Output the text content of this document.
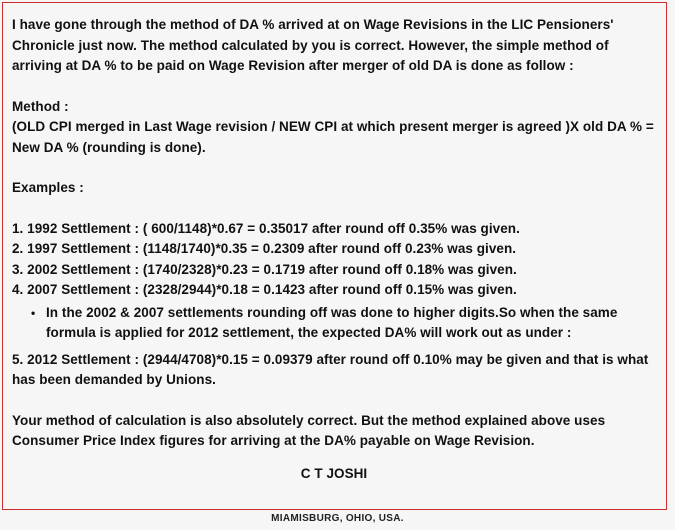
I have gone through the method of DA % arrived at on Wage Revisions in the LIC Pensioners' Chronicle just now. The method calculated by you is correct. However, the simple method of arriving at DA % to be paid on Wage Revision after merger of old DA is done as follow :

Method :

(OLD CPI merged in Last Wage revision / NEW CPI at which present merger is agreed )X old DA % = New DA % (rounding is done).

Examples :

1. 1992 Settlement : ( 600/1148)*0.67 = 0.35017 after round off 0.35% was given.
2. 1997 Settlement : (1148/1740)*0.35 = 0.2309 after round off 0.23% was given.
3. 2002 Settlement : (1740/2328)*0.23 = 0.1719 after round off 0.18% was given.
4. 2007 Settlement : (2328/2944)*0.18 = 0.1423 after round off 0.15% was given.
• In the 2002 & 2007 settlements rounding off was done to higher digits.So when the same formula is applied for 2012 settlement, the expected DA% will work out as under :

5. 2012 Settlement : (2944/4708)*0.15 = 0.09379 after round off 0.10% may be given and that is what has been demanded by Unions.

Your method of calculation is also absolutely correct. But the method explained above uses Consumer Price Index figures for arriving at the DA% payable on Wage Revision.

C T JOSHI
MIAMISBURG, OHIO, USA.
